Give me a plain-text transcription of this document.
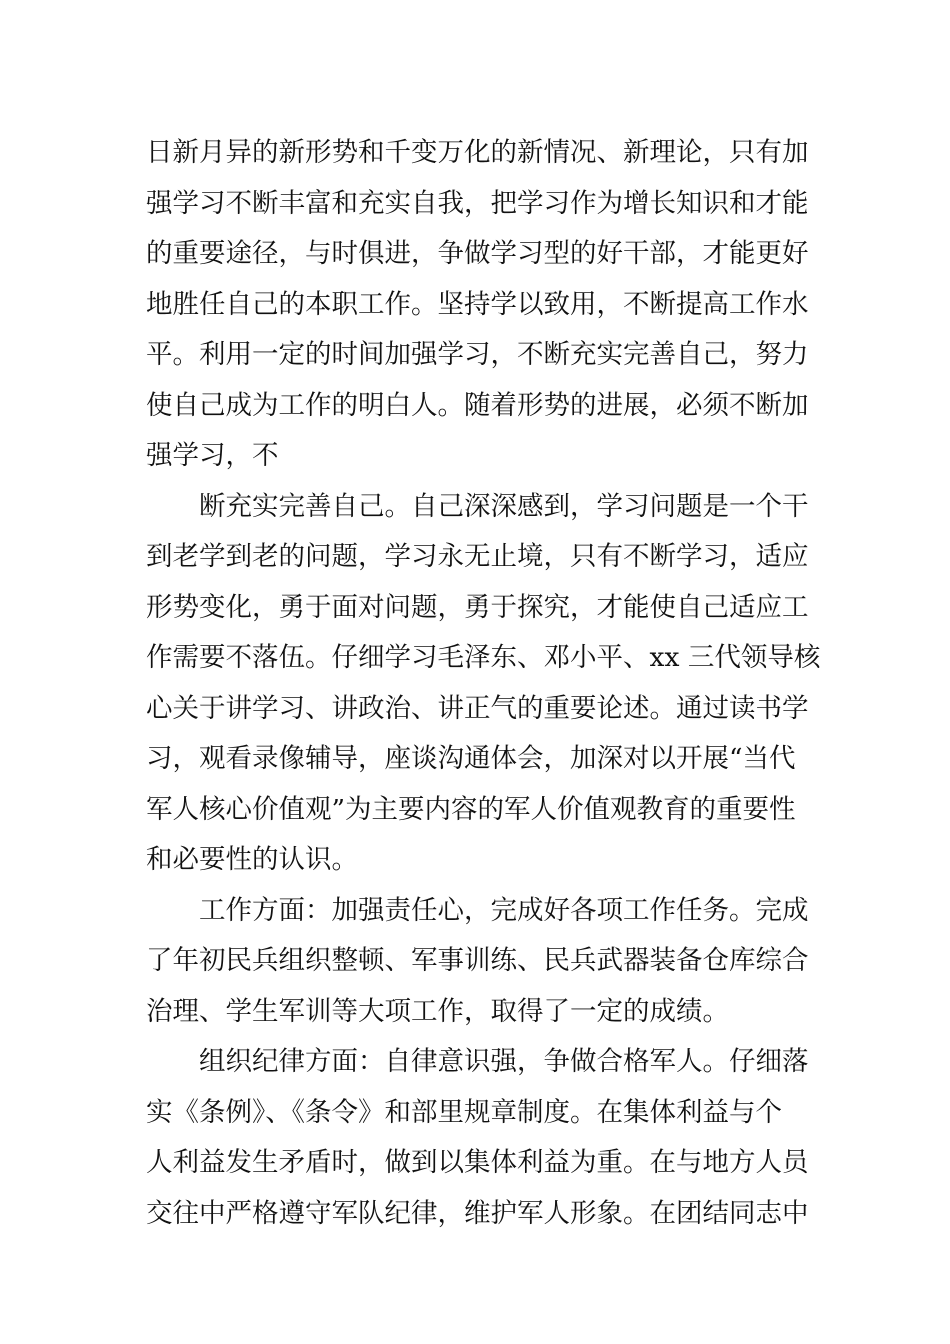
日新月异的新形势和千变万化的新情况、新理论，只有加
强学习不断丰富和充实自我，把学习作为增长知识和才能
的重要途径，与时俱进，争做学习型的好干部，才能更好
地胜任自己的本职工作。坚持学以致用，不断提高工作水
平。利用一定的时间加强学习，不断充实完善自己，努力
使自己成为工作的明白人。随着形势的进展，必须不断加
强学习，不
断充实完善自己。自己深深感到，学习问题是一个干
到老学到老的问题，学习永无止境，只有不断学习，适应
形势变化，勇于面对问题，勇于探究，才能使自己适应工
作需要不落伍。仔细学习毛泽东、邓小平、xx 三代领导核
心关于讲学习、讲政治、讲正气的重要论述。通过读书学
习，观看录像辅导，座谈沟通体会，加深对以开展“当代
军人核心价值观”为主要内容的军人价值观教育的重要性
和必要性的认识。
工作方面：加强责任心，完成好各项工作任务。完成
了年初民兵组织整顿、军事训练、民兵武器装备仓库综合
治理、学生军训等大项工作，取得了一定的成绩。
组织纪律方面：自律意识强，争做合格军人。仔细落
实《条例》、《条令》和部里规章制度。在集体利益与个
人利益发生矛盾时，做到以集体利益为重。在与地方人员
交往中严格遵守军队纪律，维护军人形象。在团结同志中
